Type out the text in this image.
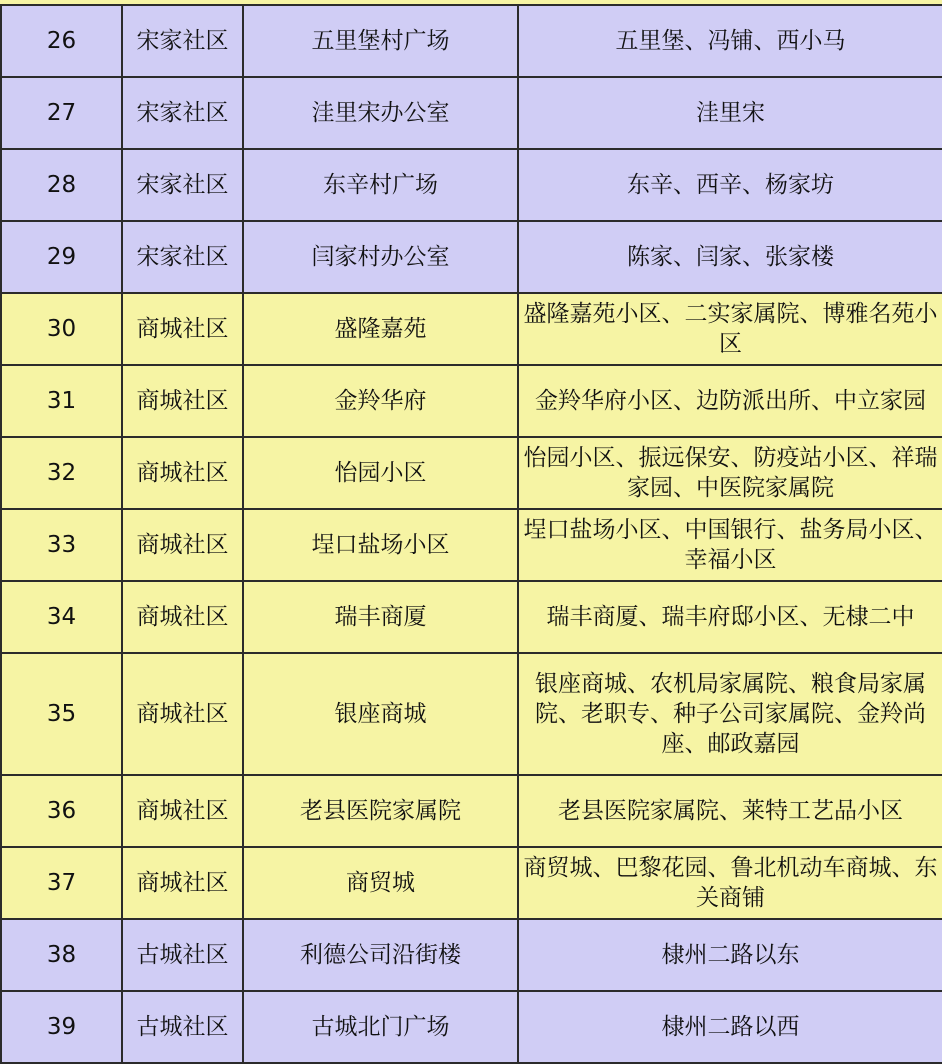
26	宋家社区	五里堡村广场	五里堡、冯铺、西小马
27	宋家社区	洼里宋办公室	洼里宋
28	宋家社区	东辛村广场	东辛、西辛、杨家坊
29	宋家社区	闫家村办公室	陈家、闫家、张家楼
30	商城社区	盛隆嘉苑	盛隆嘉苑小区、二实家属院、博雅名苑小区
31	商城社区	金羚华府	金羚华府小区、边防派出所、中立家园
32	商城社区	怡园小区	怡园小区、振远保安、防疫站小区、祥瑞家园、中医院家属院
33	商城社区	埕口盐场小区	埕口盐场小区、中国银行、盐务局小区、幸福小区
34	商城社区	瑞丰商厦	瑞丰商厦、瑞丰府邸小区、无棣二中
35	商城社区	银座商城	银座商城、农机局家属院、粮食局家属院、老职专、种子公司家属院、金羚尚座、邮政嘉园
36	商城社区	老县医院家属院	老县医院家属院、莱特工艺品小区
37	商城社区	商贸城	商贸城、巴黎花园、鲁北机动车商城、东关商铺
38	古城社区	利德公司沿街楼	棣州二路以东
39	古城社区	古城北门广场	棣州二路以西
